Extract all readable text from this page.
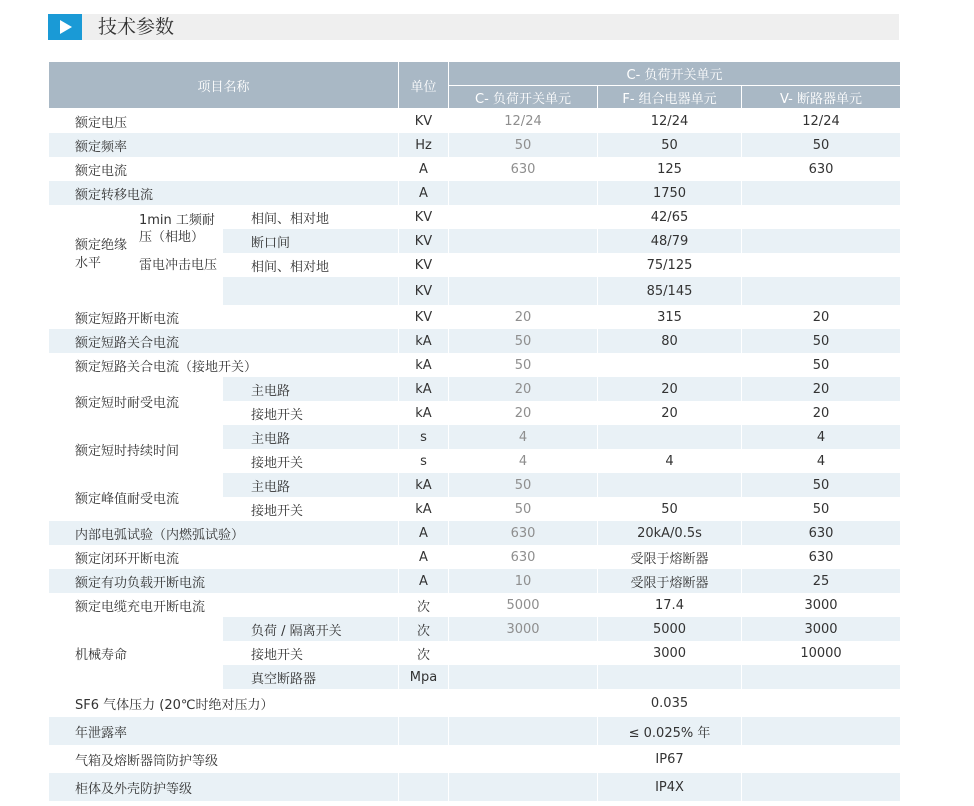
技术参数
项目名称			单位	C- 负荷开关单元		
				C- 负荷开关单元	F- 组合电器单元	V- 断路器单元
额定电压			KV	12/24	12/24	12/24
额定频率			Hz	50	50	50
额定电流			A	630	125	630
额定转移电流			A		1750	
额定绝缘水平	1min 工频耐压（相地）	相间、相对地	KV		42/65	
		断口间	KV		48/79	
	雷电冲击电压	相间、相对地	KV		75/125	
			KV		85/145	
额定短路开断电流			KV	20	315	20
额定短路关合电流			kA	50	80	50
额定短路关合电流（接地开关）			kA	50		50
额定短时耐受电流		主电路	kA	20	20	20
		接地开关	kA	20	20	20
额定短时持续时间		主电路	s	4		4
		接地开关	s	4	4	4
额定峰值耐受电流		主电路	kA	50		50
		接地开关	kA	50	50	50
内部电弧试验（内燃弧试验）			A	630	20kA/0.5s	630
额定闭环开断电流			A	630	受限于熔断器	630
额定有功负载开断电流			A	10	受限于熔断器	25
额定电缆充电开断电流			次	5000	17.4	3000
机械寿命		负荷 / 隔离开关	次	3000	5000	3000
		接地开关	次		3000	10000
		真空断路器	Mpa			
SF6 气体压力 (20℃时绝对压力）					0.035	
年泄露率					≤ 0.025% 年	
气箱及熔断器筒防护等级					IP67	
柜体及外壳防护等级					IP4X	
